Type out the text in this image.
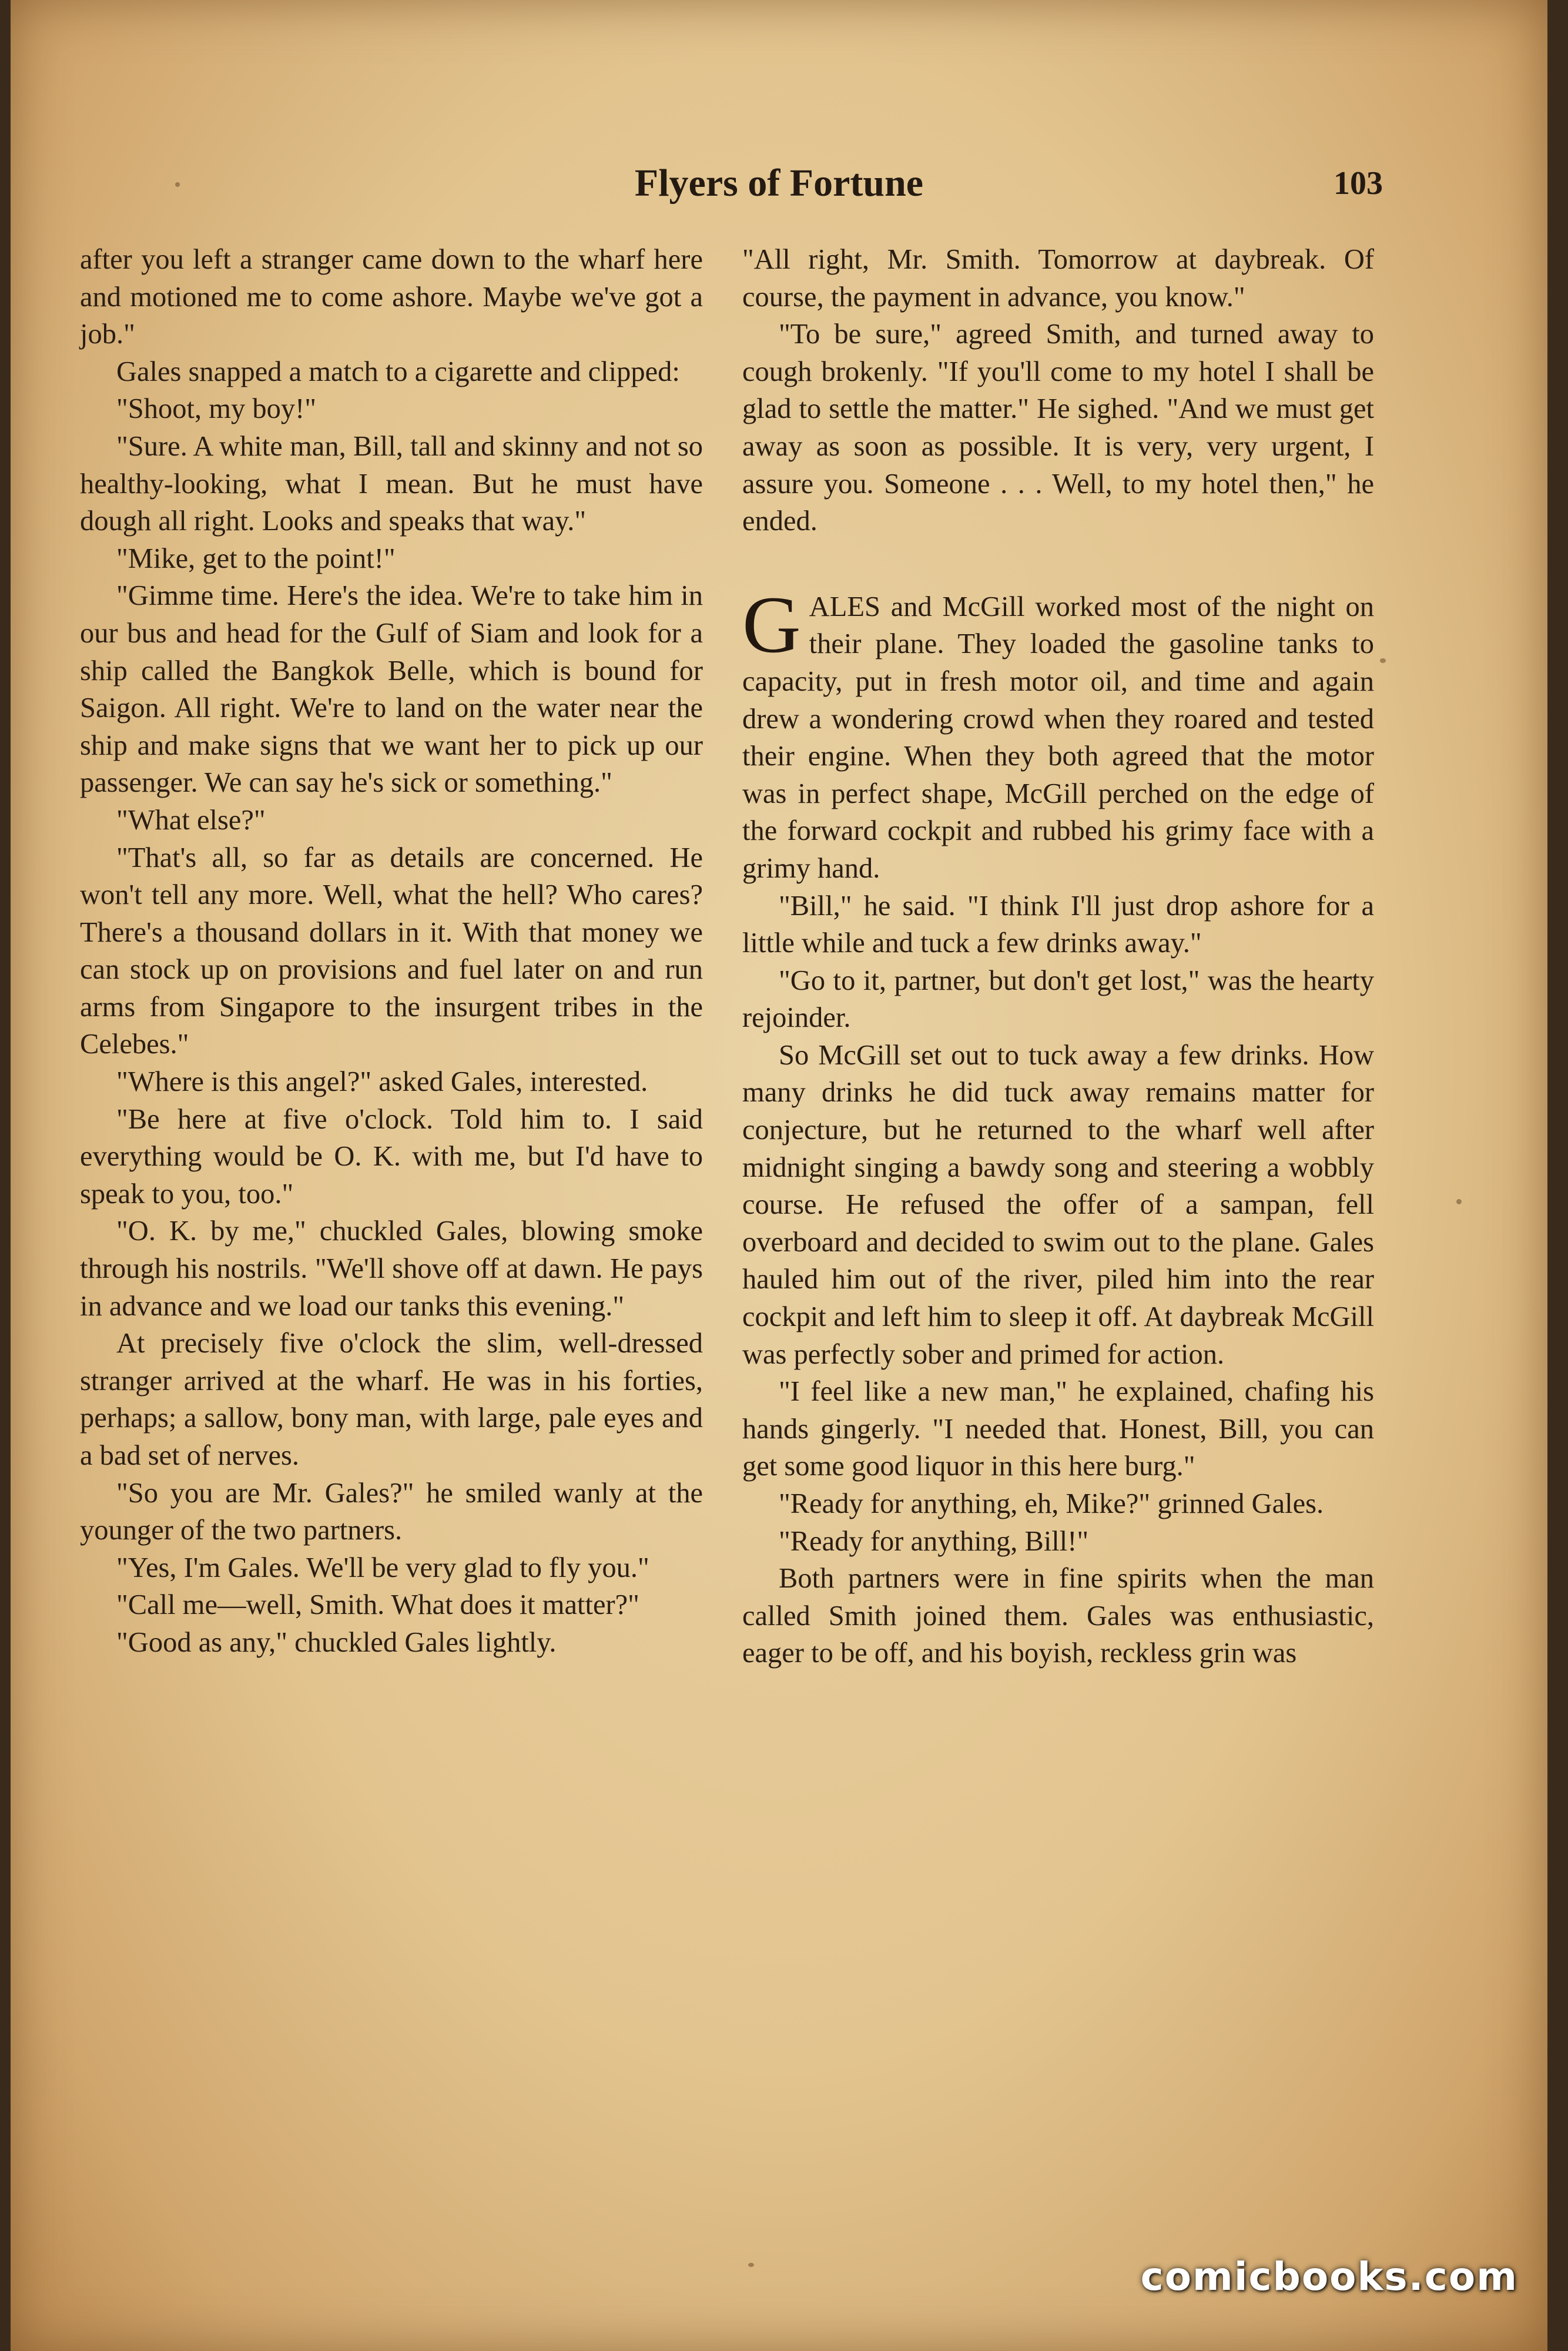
Flyers of Fortune	103

after you left a stranger came down to the wharf here and motioned me to come ashore. Maybe we've got a job."

Gales snapped a match to a cigarette and clipped:

"Shoot, my boy!"

"Sure. A white man, Bill, tall and skinny and not so healthy-looking, what I mean. But he must have dough all right. Looks and speaks that way."

"Mike, get to the point!"

"Gimme time. Here's the idea. We're to take him in our bus and head for the Gulf of Siam and look for a ship called the Bangkok Belle, which is bound for Saigon. All right. We're to land on the water near the ship and make signs that we want her to pick up our passenger. We can say he's sick or something."

"What else?"

"That's all, so far as details are concerned. He won't tell any more. Well, what the hell? Who cares? There's a thousand dollars in it. With that money we can stock up on provisions and fuel later on and run arms from Singapore to the insurgent tribes in the Celebes."

"Where is this angel?" asked Gales, interested.

"Be here at five o'clock. Told him to. I said everything would be O. K. with me, but I'd have to speak to you, too."

"O. K. by me," chuckled Gales, blowing smoke through his nostrils. "We'll shove off at dawn. He pays in advance and we load our tanks this evening."

At precisely five o'clock the slim, well-dressed stranger arrived at the wharf. He was in his forties, perhaps; a sallow, bony man, with large, pale eyes and a bad set of nerves.

"So you are Mr. Gales?" he smiled wanly at the younger of the two partners.

"Yes, I'm Gales. We'll be very glad to fly you."

"Call me—well, Smith. What does it matter?"

"Good as any," chuckled Gales lightly.

"All right, Mr. Smith. Tomorrow at daybreak. Of course, the payment in advance, you know."

"To be sure," agreed Smith, and turned away to cough brokenly. "If you'll come to my hotel I shall be glad to settle the matter." He sighed. "And we must get away as soon as possible. It is very, very urgent, I assure you. Someone . . . Well, to my hotel then," he ended.

GALES and McGill worked most of the night on their plane. They loaded the gasoline tanks to capacity, put in fresh motor oil, and time and again drew a wondering crowd when they roared and tested their engine. When they both agreed that the motor was in perfect shape, McGill perched on the edge of the forward cockpit and rubbed his grimy face with a grimy hand.

"Bill," he said. "I think I'll just drop ashore for a little while and tuck a few drinks away."

"Go to it, partner, but don't get lost," was the hearty rejoinder.

So McGill set out to tuck away a few drinks. How many drinks he did tuck away remains matter for conjecture, but he returned to the wharf well after midnight singing a bawdy song and steering a wobbly course. He refused the offer of a sampan, fell overboard and decided to swim out to the plane. Gales hauled him out of the river, piled him into the rear cockpit and left him to sleep it off. At daybreak McGill was perfectly sober and primed for action.

"I feel like a new man," he explained, chafing his hands gingerly. "I needed that. Honest, Bill, you can get some good liquor in this here burg."

"Ready for anything, eh, Mike?" grinned Gales.

"Ready for anything, Bill!"

Both partners were in fine spirits when the man called Smith joined them. Gales was enthusiastic, eager to be off, and his boyish, reckless grin was

comicbooks.com
